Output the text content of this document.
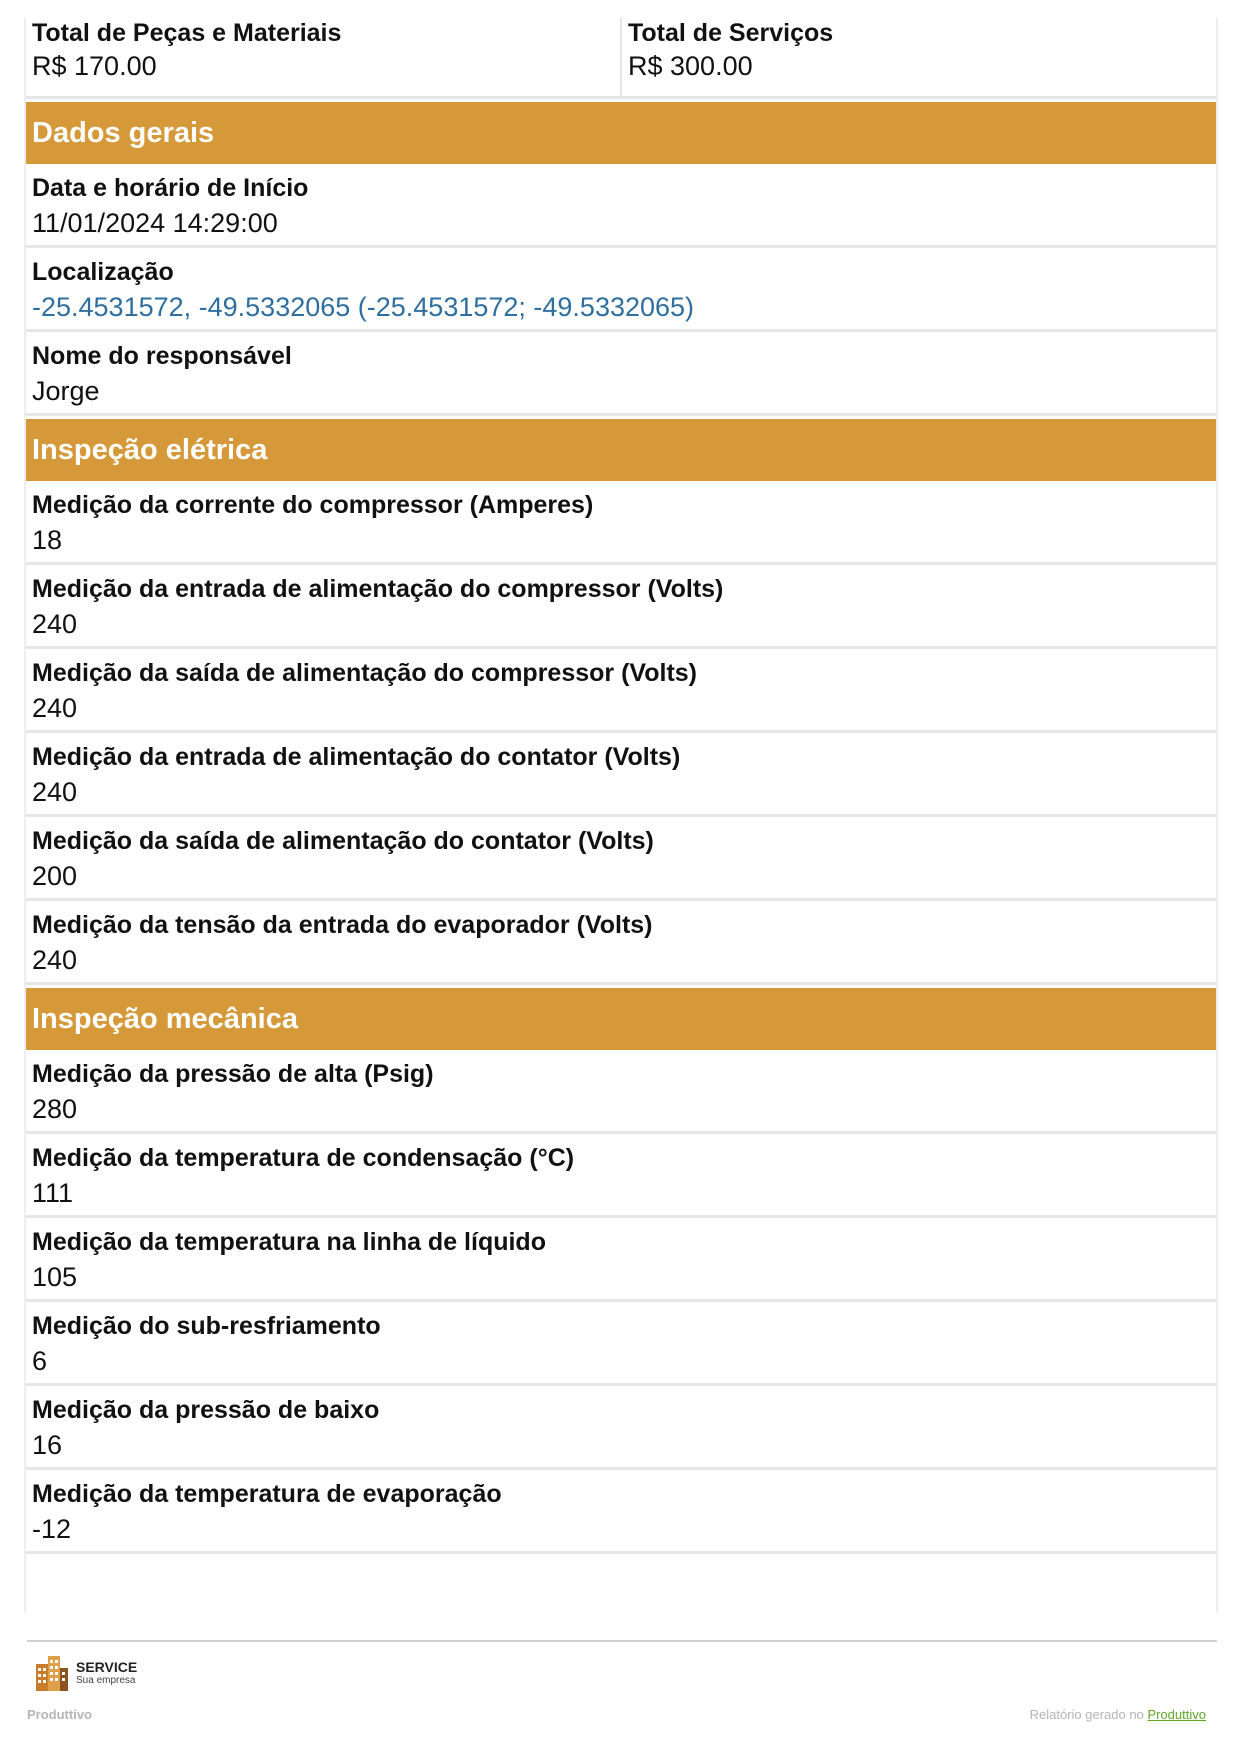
Total de Peças e Materiais
R$ 170.00
Total de Serviços
R$ 300.00
Dados gerais
Data e horário de Início
11/01/2024 14:29:00
Localização
-25.4531572, -49.5332065 (-25.4531572; -49.5332065)
Nome do responsável
Jorge
Inspeção elétrica
Medição da corrente do compressor (Amperes)
18
Medição da entrada de alimentação do compressor (Volts)
240
Medição da saída de alimentação do compressor (Volts)
240
Medição da entrada de alimentação do contator (Volts)
240
Medição da saída de alimentação do contator (Volts)
200
Medição da tensão da entrada do evaporador (Volts)
240
Inspeção mecânica
Medição da pressão de alta (Psig)
280
Medição da temperatura de condensação (°C)
111
Medição da temperatura na linha de líquido
105
Medição do sub-resfriamento
6
Medição da pressão de baixo
16
Medição da temperatura de evaporação
-12
SERVICE
Sua empresa
Produttivo	Relatório gerado no Produttivo
